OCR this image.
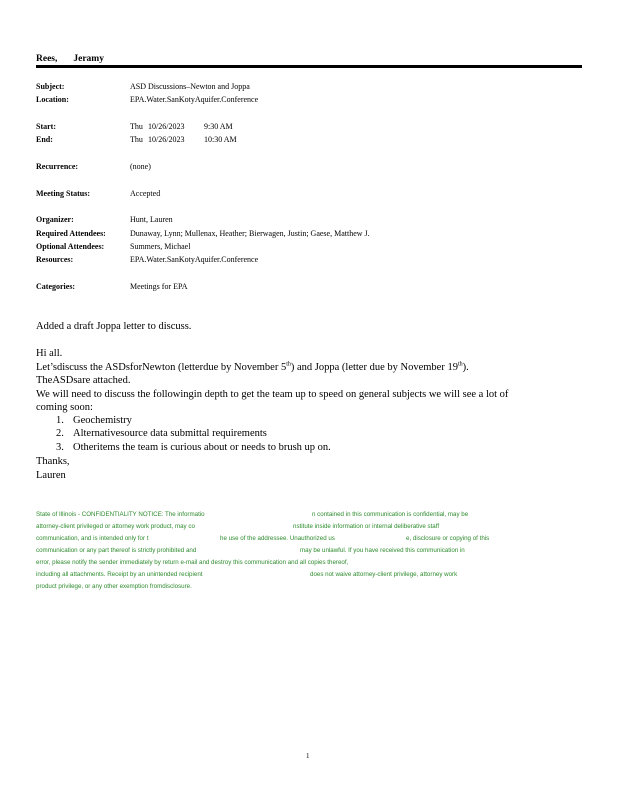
Rees, Jeramy
Subject:	ASD Discussions–Newton and Joppa
Location:	EPA.Water.SanKotyAquifer.Conference
Start:	Thu 10/26/2023 9:30 AM
End:	Thu 10/26/2023 10:30 AM
Recurrence:	(none)
Meeting Status:	Accepted
Organizer:	Hunt, Lauren
Required Attendees:	Dunaway, Lynn; Mullenax, Heather; Bierwagen, Justin; Gaese, Matthew J.
Optional Attendees:	Summers, Michael
Resources:	EPA.Water.SanKotyAquifer.Conference
Categories:	Meetings for EPA
Added a draft Joppa letter to discuss.
Hi all.
Let’sdiscuss the ASDsforNewton (letterdue by November 5th) and Joppa (letter due by November 19th).
TheASDsare attached.
We will need to discuss the followingin depth to get the team up to speed on general subjects we will see a lot of
coming soon:
1. Geochemistry
2. Alternativesource data submittal requirements
3. Otheritems the team is curious about or needs to brush up on.
Thanks,
Lauren
State of Illinois - CONFIDENTIALITY NOTICE: The informatio	n contained in this communication is confidential, may be
attorney-client privileged or attorney work product, may co	nstitute inside information or internal deliberative staff
communication, and is intended only for t	he use of the addressee. Unauthorized us	e, disclosure or copying of this
communication or any part thereof is strictly prohibited and	may be unlawful. If you have received this communication in
error, please notify the sender immediately by return e-mail and destroy this communication and all copies thereof,
including all attachments. Receipt by an unintended recipient	does not waive attorney-client privilege, attorney work
product privilege, or any other exemption fromdisclosure.
1
